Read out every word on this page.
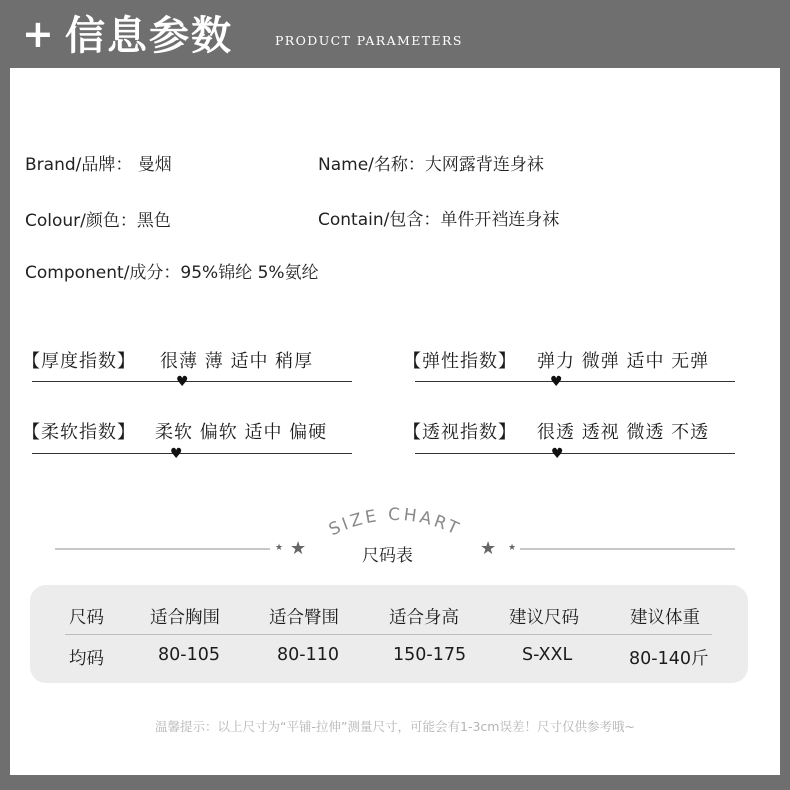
+ 信息参数	PRODUCT PARAMETERS
Brand/品牌： 曼烟	Name/名称：大网露背连身袜
Colour/颜色：黑色	Contain/包含：单件开裆连身袜
Component/成分：95%锦纶 5%氨纶
【厚度指数】 很薄 薄 适中 稍厚
♥
【弹性指数】 弹力 微弹 适中 无弹
♥
【柔软指数】 柔软 偏软 适中 偏硬
♥
【透视指数】 很透 透视 微透 不透
♥
SIZE CHART
★ ★	尺码表	★ ★
尺码	适合胸围	适合臀围	适合身高	建议尺码	建议体重
均码	80-105	80-110	150-175	S-XXL	80-140斤
温馨提示：以上尺寸为“平铺-拉伸”测量尺寸，可能会有1-3cm误差！尺寸仅供参考哦~
